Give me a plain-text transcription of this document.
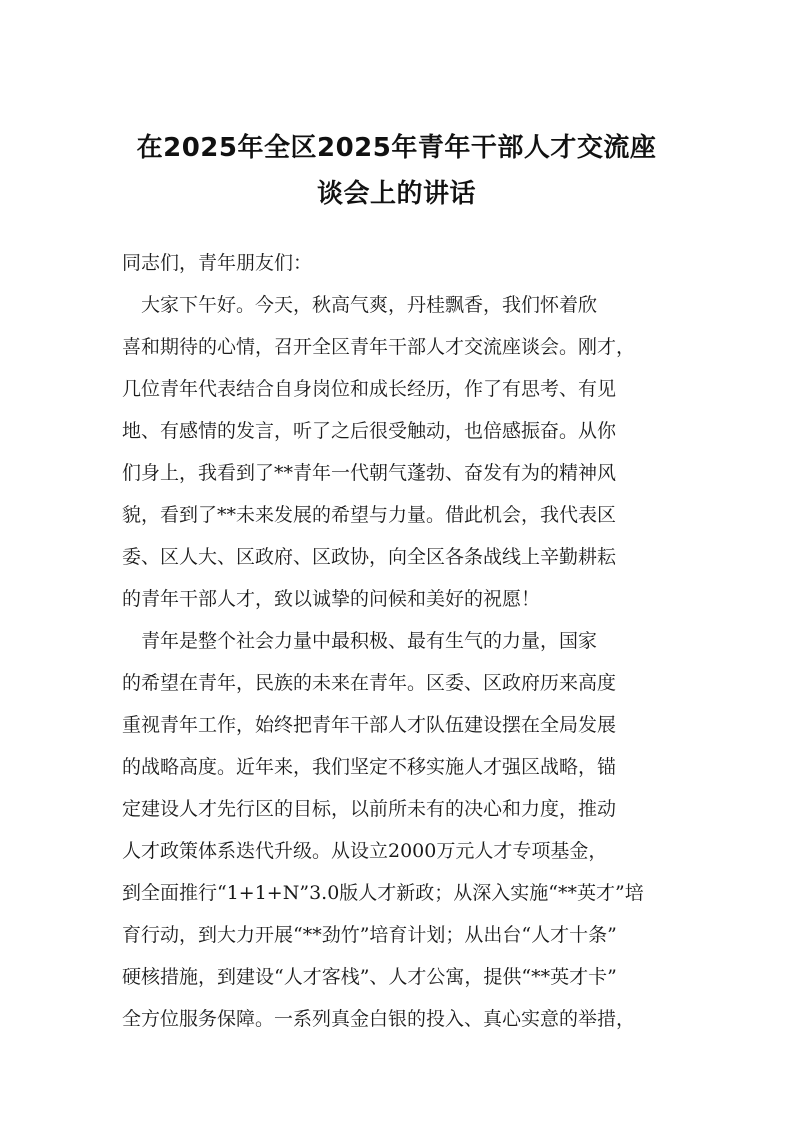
在2025年全区2025年青年干部人才交流座
谈会上的讲话

同志们，青年朋友们：

　大家下午好。今天，秋高气爽，丹桂飘香，我们怀着欣

喜和期待的心情，召开全区青年干部人才交流座谈会。刚才，

几位青年代表结合自身岗位和成长经历，作了有思考、有见

地、有感情的发言，听了之后很受触动，也倍感振奋。从你

们身上，我看到了**青年一代朝气蓬勃、奋发有为的精神风

貌，看到了**未来发展的希望与力量。借此机会，我代表区

委、区人大、区政府、区政协，向全区各条战线上辛勤耕耘

的青年干部人才，致以诚挚的问候和美好的祝愿！

　青年是整个社会力量中最积极、最有生气的力量，国家

的希望在青年，民族的未来在青年。区委、区政府历来高度

重视青年工作，始终把青年干部人才队伍建设摆在全局发展

的战略高度。近年来，我们坚定不移实施人才强区战略，锚

定建设人才先行区的目标，以前所未有的决心和力度，推动

人才政策体系迭代升级。从设立2000万元人才专项基金，

到全面推行“1+1+N”3.0版人才新政；从深入实施“**英才”培

育行动，到大力开展“**劲竹”培育计划；从出台“人才十条”

硬核措施，到建设“人才客栈”、人才公寓，提供“**英才卡”

全方位服务保障。一系列真金白银的投入、真心实意的举措，
